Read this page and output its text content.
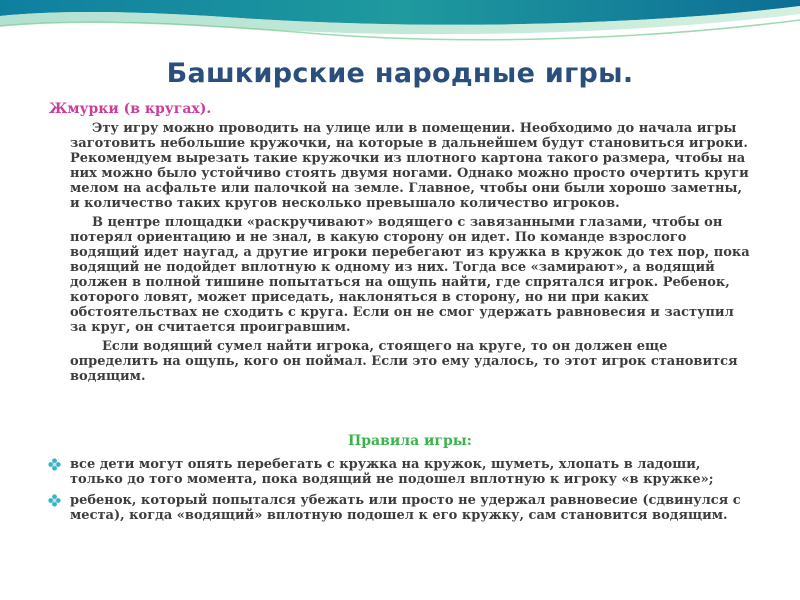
Башкирские народные игры.
Жмурки (в кругах).

Эту игру можно проводить на улице или в помещении. Необходимо до начала игры заготовить небольшие кружочки, на которые в дальнейшем будут становиться игроки. Рекомендуем вырезать такие кружочки из плотного картона такого размера, чтобы на них можно было устойчиво стоять двумя ногами. Однако можно просто очертить круги мелом на асфальте или палочкой на земле. Главное, чтобы они были хорошо заметны, и количество таких кругов несколько превышало количество игроков.

В центре площадки «раскручивают» водящего с завязанными глазами, чтобы он потерял ориентацию и не знал, в какую сторону он идет. По команде взрослого водящий идет наугад, а другие игроки перебегают из кружка в кружок до тех пор, пока водящий не подойдет вплотную к одному из них. Тогда все «замирают», а водящий должен в полной тишине попытаться на ощупь найти, где спрятался игрок. Ребенок, которого ловят, может приседать, наклоняться в сторону, но ни при каких обстоятельствах не сходить с круга. Если он не смог удержать равновесия и заступил за круг, он считается проигравшим.

Если водящий сумел найти игрока, стоящего на круге, то он должен еще определить на ощупь, кого он поймал. Если это ему удалось, то этот игрок становится водящим.

Правила игры:
все дети могут опять перебегать с кружка на кружок, шуметь, хлопать в ладоши, только до того момента, пока водящий не подошел вплотную к игроку «в кружке»;
ребенок, который попытался убежать или просто не удержал равновесие (сдвинулся с места), когда «водящий» вплотную подошел к его кружку, сам становится водящим.
